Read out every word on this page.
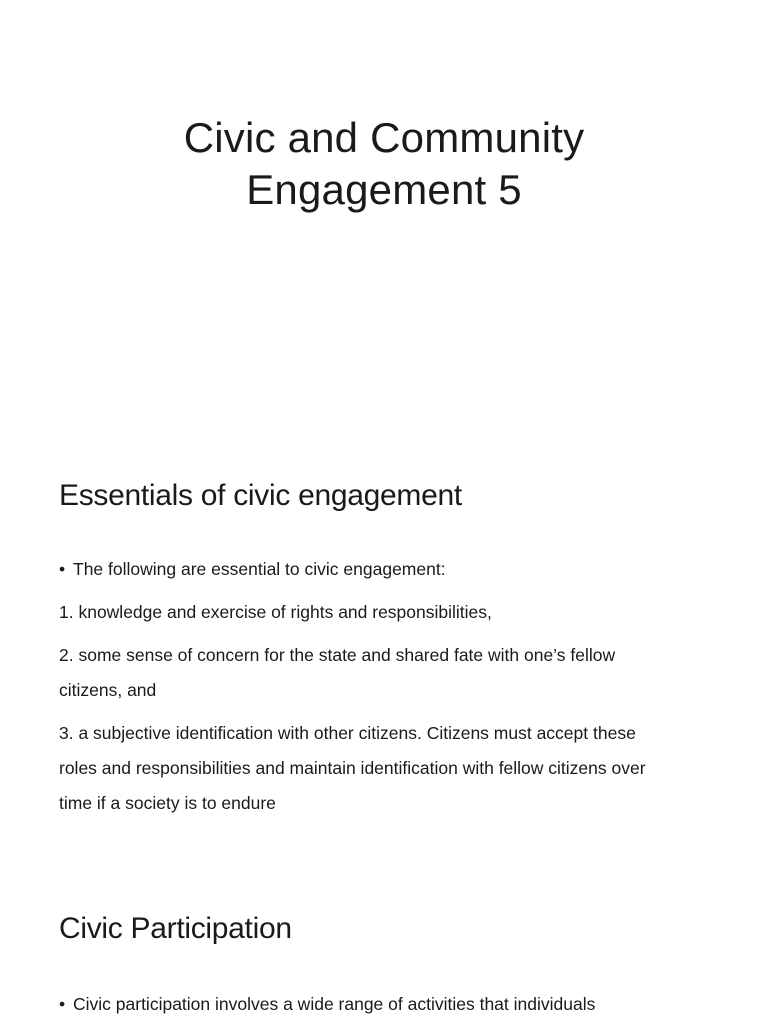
Civic and Community
Engagement 5
Essentials of civic engagement

• The following are essential to civic engagement:

1. knowledge and exercise of rights and responsibilities,

2. some sense of concern for the state and shared fate with one’s fellow

citizens, and

3. a subjective identification with other citizens. Citizens must accept these

roles and responsibilities and maintain identification with fellow citizens over

time if a society is to endure

Civic Participation

• Civic participation involves a wide range of activities that individuals
